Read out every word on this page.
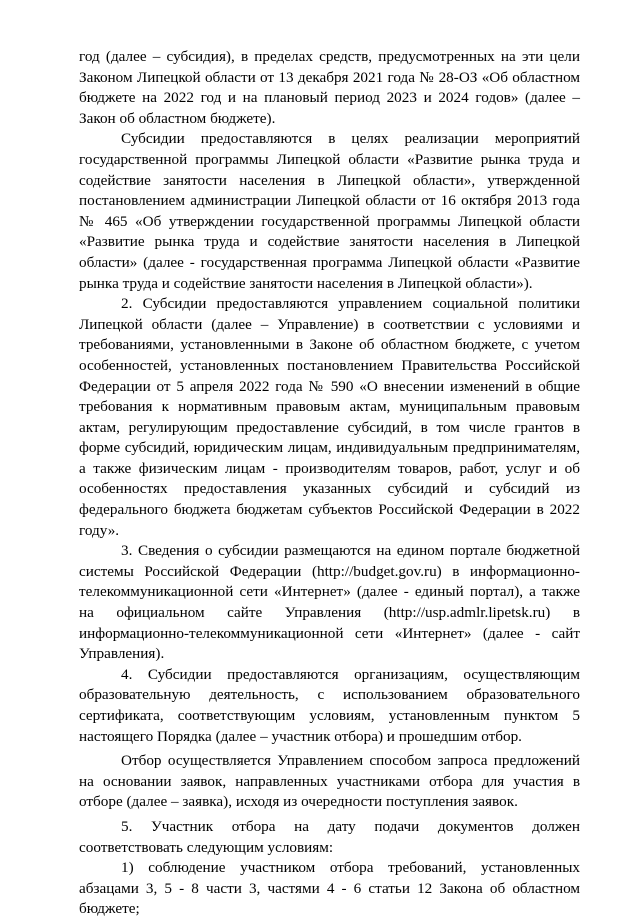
год (далее – субсидия), в пределах средств, предусмотренных на эти цели Законом Липецкой области от 13 декабря 2021 года № 28-ОЗ «Об областном бюджете на 2022 год и на плановый период 2023 и 2024 годов» (далее – Закон об областном бюджете).

Субсидии предоставляются в целях реализации мероприятий государственной программы Липецкой области «Развитие рынка труда и содействие занятости населения в Липецкой области», утвержденной постановлением администрации Липецкой области от 16 октября 2013 года № 465 «Об утверждении государственной программы Липецкой области «Развитие рынка труда и содействие занятости населения в Липецкой области» (далее - государственная программа Липецкой области «Развитие рынка труда и содействие занятости населения в Липецкой области»).

2. Субсидии предоставляются управлением социальной политики Липецкой области (далее – Управление) в соответствии с условиями и требованиями, установленными в Законе об областном бюджете, с учетом особенностей, установленных постановлением Правительства Российской Федерации от 5 апреля 2022 года № 590 «О внесении изменений в общие требования к нормативным правовым актам, муниципальным правовым актам, регулирующим предоставление субсидий, в том числе грантов в форме субсидий, юридическим лицам, индивидуальным предпринимателям, а также физическим лицам - производителям товаров, работ, услуг и об особенностях предоставления указанных субсидий и субсидий из федерального бюджета бюджетам субъектов Российской Федерации в 2022 году».

3. Сведения о субсидии размещаются на едином портале бюджетной системы Российской Федерации (http://budget.gov.ru) в информационно-телекоммуникационной сети «Интернет» (далее - единый портал), а также на официальном сайте Управления (http://usp.admlr.lipetsk.ru) в информационно-телекоммуникационной сети «Интернет» (далее - сайт Управления).

4. Субсидии предоставляются организациям, осуществляющим образовательную деятельность, с использованием образовательного сертификата, соответствующим условиям, установленным пунктом 5 настоящего Порядка (далее – участник отбора) и прошедшим отбор.

Отбор осуществляется Управлением способом запроса предложений на основании заявок, направленных участниками отбора для участия в отборе (далее – заявка), исходя из очередности поступления заявок.

5. Участник отбора на дату подачи документов должен соответствовать следующим условиям:

1) соблюдение участником отбора требований, установленных абзацами 3, 5 - 8 части 3, частями 4 - 6 статьи 12 Закона об областном бюджете;
